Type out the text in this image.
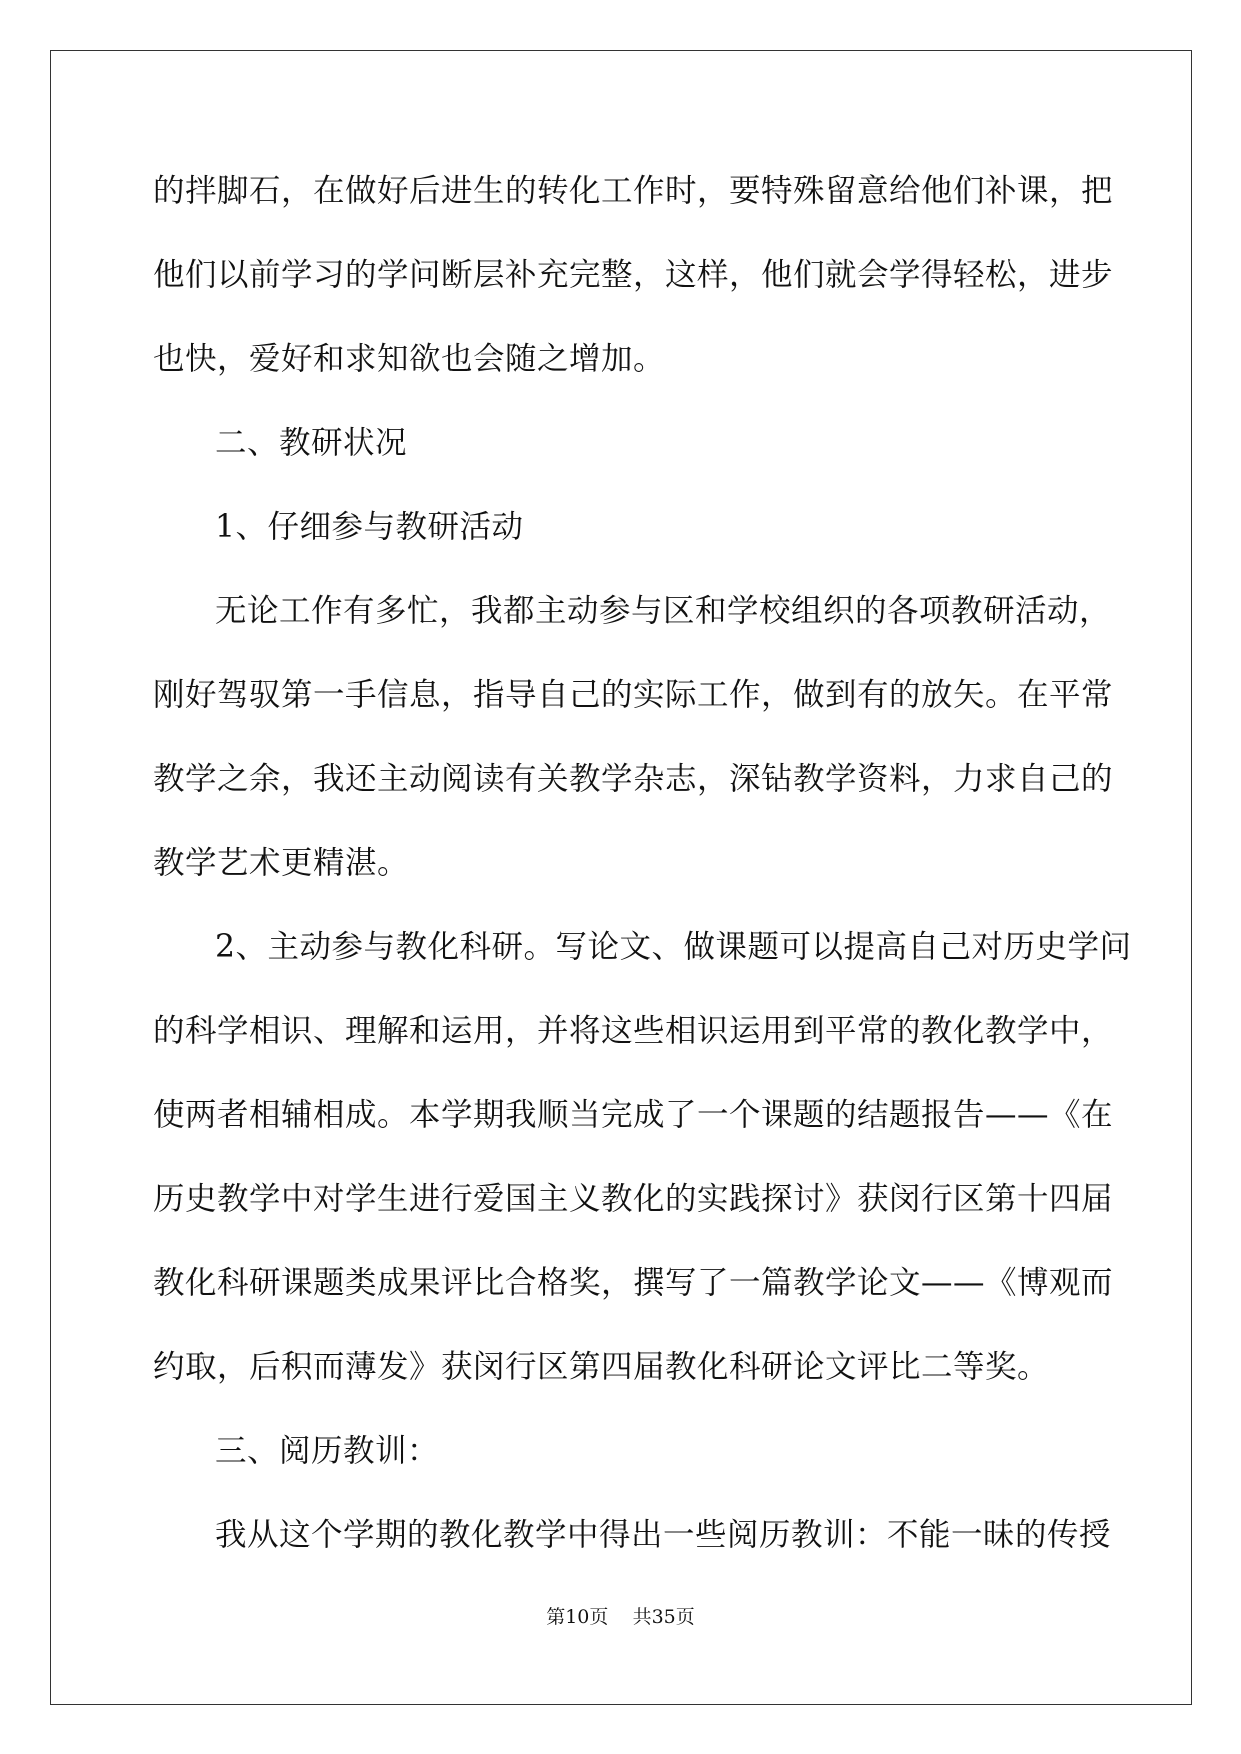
的拌脚石，在做好后进生的转化工作时，要特殊留意给他们补课，把
他们以前学习的学问断层补充完整，这样，他们就会学得轻松，进步
也快，爱好和求知欲也会随之增加。
二、教研状况
1、仔细参与教研活动
无论工作有多忙，我都主动参与区和学校组织的各项教研活动，
刚好驾驭第一手信息，指导自己的实际工作，做到有的放矢。在平常
教学之余，我还主动阅读有关教学杂志，深钻教学资料，力求自己的
教学艺术更精湛。
2、主动参与教化科研。写论文、做课题可以提高自己对历史学问
的科学相识、理解和运用，并将这些相识运用到平常的教化教学中，
使两者相辅相成。本学期我顺当完成了一个课题的结题报告——《在
历史教学中对学生进行爱国主义教化的实践探讨》获闵行区第十四届
教化科研课题类成果评比合格奖，撰写了一篇教学论文——《博观而
约取，后积而薄发》获闵行区第四届教化科研论文评比二等奖。
三、阅历教训：
我从这个学期的教化教学中得出一些阅历教训：不能一昧的传授
第10页 共35页
